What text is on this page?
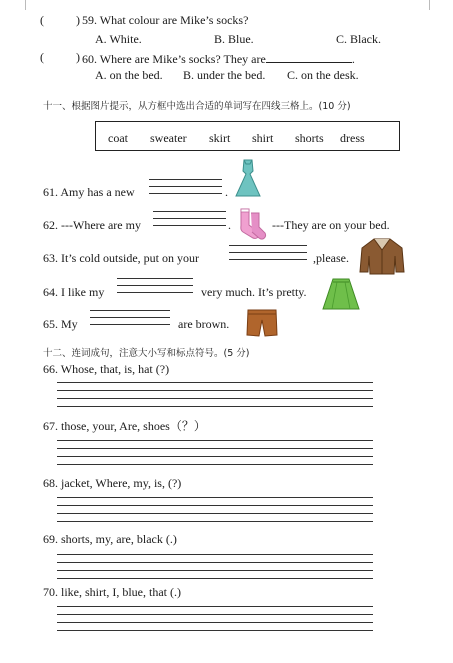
(	) 59. What colour are Mike’s socks?
A. White.	B. Blue.	C. Black.
(	) 60. Where are Mike’s socks? They are	.
A. on the bed. B. under the bed. C. on the desk.
十一、根据图片提示，从方框中选出合适的单词写在四线三格上。(10 分)
coat sweater skirt shirt shorts dress
61. Amy has a new	.
62. ---Where are my	.	---They are on your bed.
63. It’s cold outside, put on your	,please.
64. I like my	very much. It’s pretty.
65. My	are brown.
十二、连词成句，注意大小写和标点符号。(5 分)
66. Whose, that, is, hat (?)
67. those, your, Are, shoes（？）
68. jacket, Where, my, is, (?)
69. shorts, my, are, black (.)
70. like, shirt, I, blue, that (.)
